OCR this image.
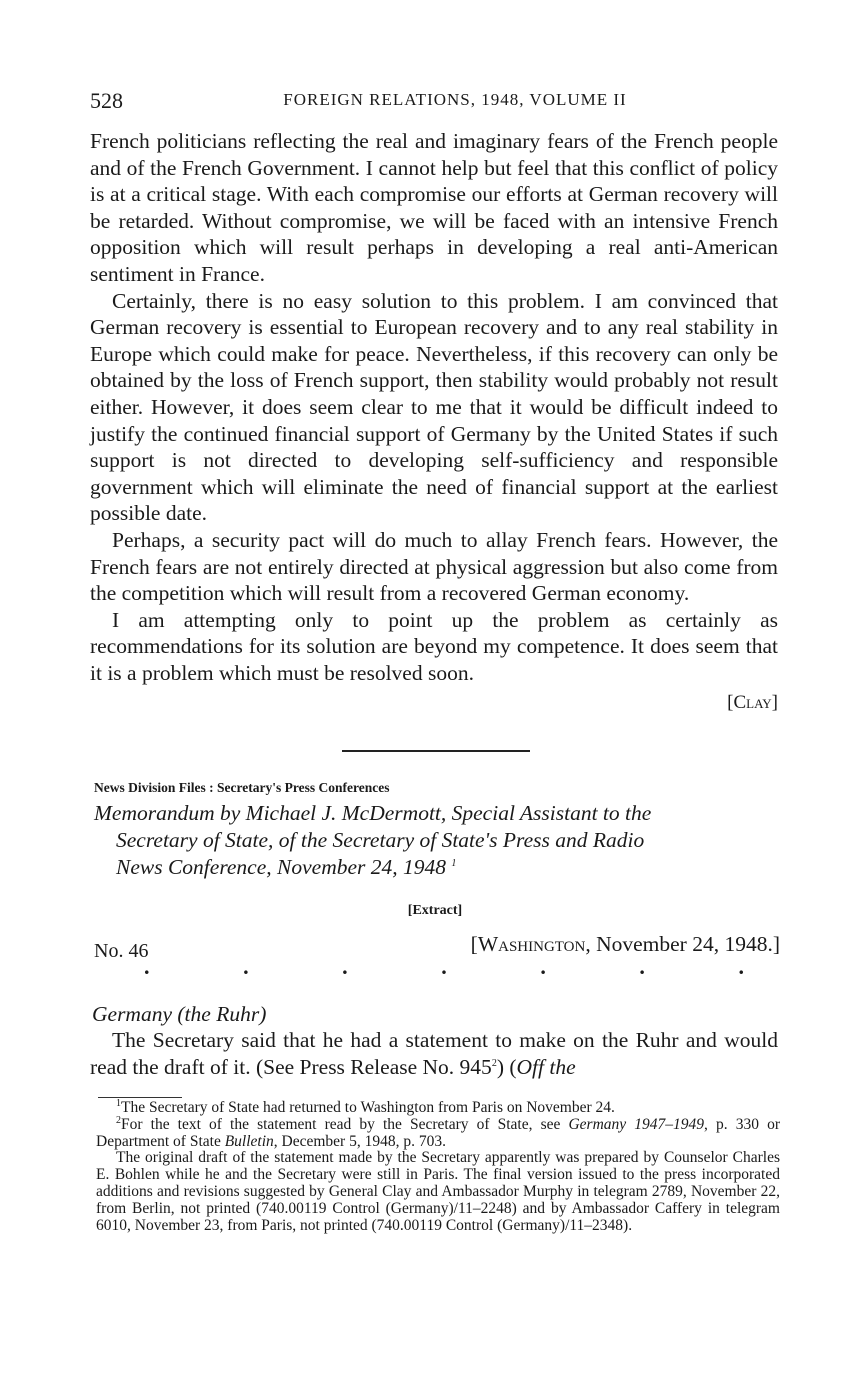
528	FOREIGN RELATIONS, 1948, VOLUME II

French politicians reflecting the real and imaginary fears of the French people and of the French Government. I cannot help but feel that this conflict of policy is at a critical stage. With each compromise our efforts at German recovery will be retarded. Without compromise, we will be faced with an intensive French opposition which will result perhaps in developing a real anti-American sentiment in France.

Certainly, there is no easy solution to this problem. I am convinced that German recovery is essential to European recovery and to any real stability in Europe which could make for peace. Nevertheless, if this recovery can only be obtained by the loss of French support, then stability would probably not result either. However, it does seem clear to me that it would be difficult indeed to justify the continued financial support of Germany by the United States if such support is not directed to developing self-sufficiency and responsible government which will eliminate the need of financial support at the earliest possible date.

Perhaps, a security pact will do much to allay French fears. However, the French fears are not entirely directed at physical aggression but also come from the competition which will result from a recovered German economy.

I am attempting only to point up the problem as certainly as recommendations for its solution are beyond my competence. It does seem that it is a problem which must be resolved soon.

[Clay]

News Division Files : Secretary's Press Conferences
Memorandum by Michael J. McDermott, Special Assistant to the
Secretary of State, of the Secretary of State's Press and Radio
News Conference, November 24, 1948 $^1$
[Extract]
No. 46	[Washington, November 24, 1948.]
.	.	.	.	.	.	.
Germany (the Ruhr)

The Secretary said that he had a statement to make on the Ruhr and would read the draft of it. (See Press Release No. $945^2$) (Off the

$^1$The Secretary of State had returned to Washington from Paris on November 24.

$^2$For the text of the statement read by the Secretary of State, see Germany 1947–1949, p. 330 or Department of State Bulletin, December 5, 1948, p. 703.

The original draft of the statement made by the Secretary apparently was prepared by Counselor Charles E. Bohlen while he and the Secretary were still in Paris. The final version issued to the press incorporated additions and revisions suggested by General Clay and Ambassador Murphy in telegram 2789, November 22, from Berlin, not printed (740.00119 Control (Germany)/11–2248) and by Ambassador Caffery in telegram 6010, November 23, from Paris, not printed (740.00119 Control (Germany)/11–2348).
